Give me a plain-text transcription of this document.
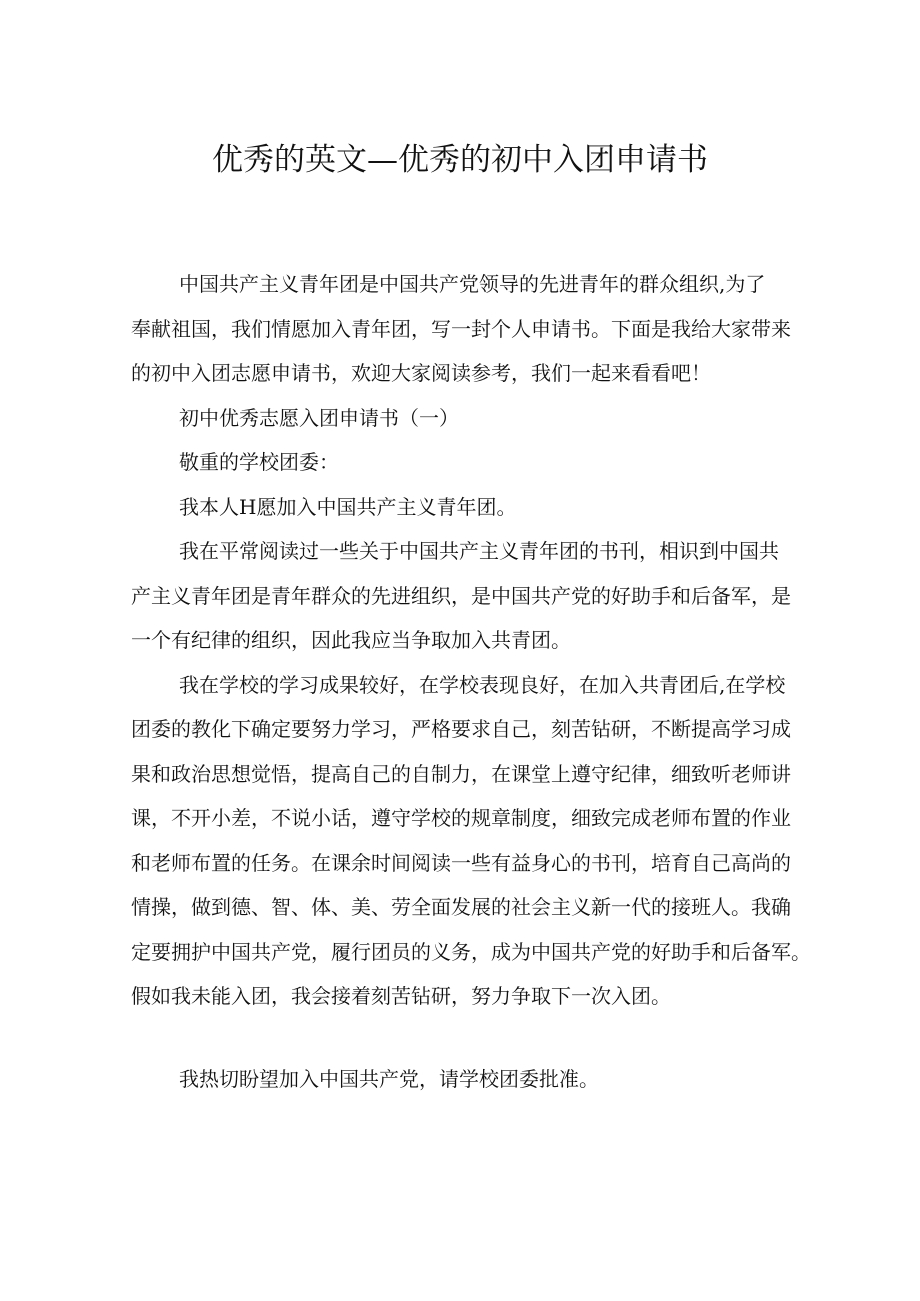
优秀的英文—优秀的初中入团申请书

中国共产主义青年团是中国共产党领导的先进青年的群众组织,为了
奉献祖国，我们情愿加入青年团，写一封个人申请书。下面是我给大家带来
的初中入团志愿申请书，欢迎大家阅读参考，我们一起来看看吧！

初中优秀志愿入团申请书（一）

敬重的学校团委：

我本人H愿加入中国共产主义青年团。

我在平常阅读过一些关于中国共产主义青年团的书刊，相识到中国共
产主义青年团是青年群众的先进组织，是中国共产党的好助手和后备军，是
一个有纪律的组织，因此我应当争取加入共青团。

我在学校的学习成果较好，在学校表现良好，在加入共青团后,在学校
团委的教化下确定要努力学习，严格要求自己，刻苦钻研，不断提高学习成
果和政治思想觉悟，提高自己的自制力，在课堂上遵守纪律，细致听老师讲
课，不开小差，不说小话，遵守学校的规章制度，细致完成老师布置的作业
和老师布置的任务。在课余时间阅读一些有益身心的书刊，培育自己高尚的
情操，做到德、智、体、美、劳全面发展的社会主义新一代的接班人。我确
定要拥护中国共产党，履行团员的义务，成为中国共产党的好助手和后备军。
假如我未能入团，我会接着刻苦钻研，努力争取下一次入团。

我热切盼望加入中国共产党，请学校团委批准。
